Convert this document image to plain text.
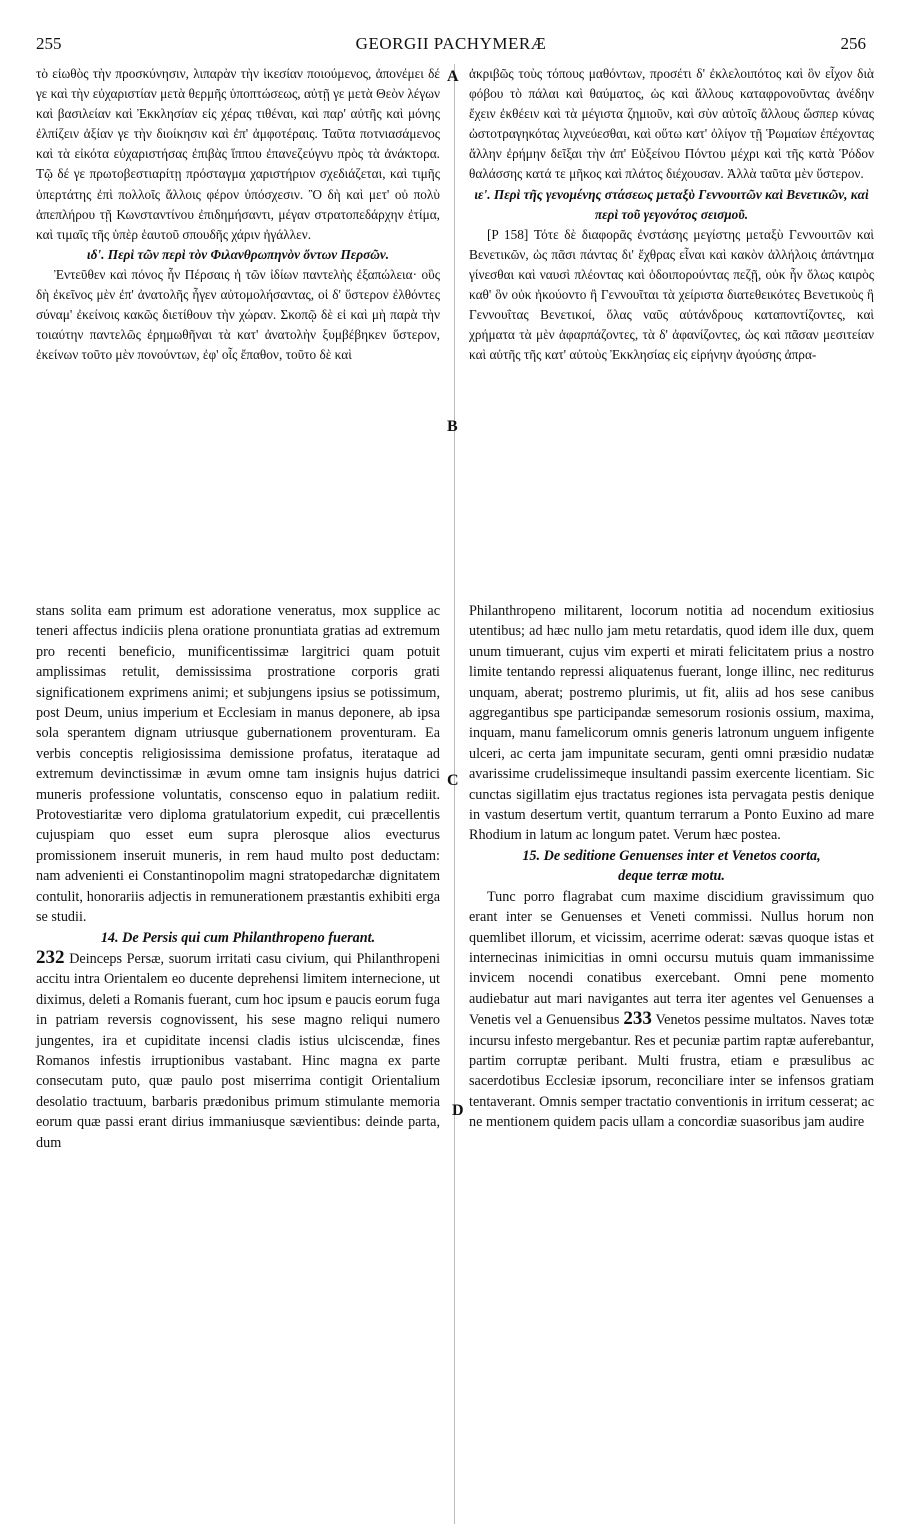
255	GEORGII PACHYMERÆ	256

τὸ εἰωθὸς τὴν προσκύνησιν, λιπαρὰν τὴν ἱκεσίαν ποιούμενος, ἀπονέμει δέ γε καὶ τὴν εὐχαριστίαν μετὰ θερμῆς ὑποπτώσεως, αὐτῇ γε μετὰ Θεὸν λέγων καὶ βασιλείαν καὶ Ἐκκλησίαν εἰς χέρας τιθέναι, καὶ παρ' αὐτῆς καὶ μόνης ἐλπίζειν ἀξίαν γε τὴν διοίκησιν καὶ ἐπ' ἀμφοτέραις. Ταῦτα ποτνιασάμενος καὶ τὰ εἰκότα εὐχαριστήσας ἐπιβὰς ἵππου ἐπανεζεύγνυ πρὸς τὰ ἀνάκτορα. Τῷ δέ γε πρωτοβεστιαρίτῃ πρόσταγμα χαριστήριον σχεδιάζεται, καὶ τιμῆς ὑπερτάτης ἐπὶ πολλοῖς ἄλλοις φέρον ὑπόσχεσιν. Ὃ δὴ καὶ μετ' οὐ πολὺ ἀπεπλήρου τῇ Κωνσταντίνου ἐπιδημήσαντι, μέγαν στρατοπεδάρχην ἐτίμα, καὶ τιμαῖς τῆς ὑπὲρ ἑαυτοῦ σπουδῆς χάριν ἠγάλλεν.

ιδ'. Περὶ τῶν περὶ τὸν Φιλανθρωπηνὸν ὄντων Περσῶν.

Ἐντεῦθεν καὶ πόνος ἦν Πέρσαις ἡ τῶν ἰδίων παντελὴς ἐξαπώλεια· οὓς δὴ ἐκεῖνος μὲν ἐπ' ἀνατολῆς ἦγεν αὐτομολήσαντας, οἱ δ' ὕστερον ἐλθόντες σύναμ' ἐκείνοις κακῶς διετίθουν τὴν χώραν. Σκοπῷ δὲ εἰ καὶ μὴ παρὰ τὴν τοιαύτην παντελῶς ἐρημωθῆναι τὰ κατ' ἀνατολὴν ξυμβέβηκεν ὕστερον, ἐκείνων τοῦτο μὲν πονούντων, ἐφ' οἷς ἔπαθον, τοῦτο δὲ καὶ

ἀκριβῶς τοὺς τόπους μαθόντων, προσέτι δ' ἐκλελοιπότος καὶ ὃν εἶχον διὰ φόβου τὸ πάλαι καὶ θαύματος, ὡς καὶ ἄλλους καταφρονοῦντας ἀνέδην ἔχειν ἐκθέειν καὶ τὰ μέγιστα ζημιοῦν, καὶ σὺν αὐτοῖς ἄλλους ὥσπερ κύνας ὠστοτραγηκότας λιχνεύεσθαι, καὶ οὕτω κατ' ὀλίγον τῇ Ῥωμαίων ἐπέχοντας ἄλλην ἐρήμην δεῖξαι τὴν ἀπ' Εὐξείνου Πόντου μέχρι καὶ τῆς κατὰ Ῥόδον θαλάσσης κατά τε μῆκος καὶ πλάτος διέχουσαν. Ἀλλὰ ταῦτα μὲν ὕστερον.

ιε'. Περὶ τῆς γενομένης στάσεως μεταξὺ Γεννουιτῶν καὶ Βενετικῶν, καὶ περὶ τοῦ γεγονότος σεισμοῦ.

[P 158] Τότε δὲ διαφορᾶς ἐνστάσης μεγίστης μεταξὺ Γεννουιτῶν καὶ Βενετικῶν, ὡς πᾶσι πάντας δι' ἔχθρας εἶναι καὶ κακὸν ἀλλήλοις ἀπάντημα γίνεσθαι καὶ ναυσὶ πλέοντας καὶ ὁδοιπορούντας πεζῇ, οὐκ ἦν ὅλως καιρὸς καθ' ὃν οὐκ ἠκούοντο ἢ Γεννουῖται τὰ χείριστα διατεθεικότες Βενετικοὺς ἢ Γεννουΐτας Βενετικοί, ὅλας ναῦς αὐτάνδρους καταποντίζοντες, καὶ χρήματα τὰ μὲν ἀφαρπάζοντες, τὰ δ' ἀφανίζοντες, ὡς καὶ πᾶσαν μεσιτείαν καὶ αὐτῆς τῆς κατ' αὐτοὺς Ἐκκλησίας εἰς εἰρήνην ἀγούσης ἀπρα-

stans solita eam primum est adoratione veneratus, mox supplice ac teneri affectus indiciis plena oratione pronuntiata gratias ad extremum pro recenti beneficio, munificentissimæ largitrici quam potuit amplissimas retulit, demississima prostratione corporis grati significationem exprimens animi; et subjungens ipsius se potissimum, post Deum, unius imperium et Ecclesiam in manus deponere, ab ipsa sola sperantem dignam utriusque gubernationem proventuram. Ea verbis conceptis religiosissima demissione profatus, iterataque ad extremum devinctissimæ in ævum omne tam insignis hujus datrici muneris professione voluntatis, conscenso equo in palatium rediit. Protovestiaritæ vero diploma gratulatorium expedit, cui præcellentis cujuspiam quo esset eum supra plerosque alios evecturus promissionem inseruit muneris, in rem haud multo post deductam: nam advenienti ei Constantinopolim magni stratopedarchæ dignitatem contulit, honorariis adjectis in remunerationem præstantis exhibiti erga se studii.

14. De Persis qui cum Philanthropeno fuerant.

232 Deinceps Persæ, suorum irritati casu civium, qui Philanthropeni accitu intra Orientalem eo ducente deprehensi limitem internecione, ut diximus, deleti a Romanis fuerant, cum hoc ipsum e paucis eorum fuga in patriam reversis cognovissent, his sese magno reliqui numero jungentes, ira et cupiditate incensi cladis istius ulciscendæ, fines Romanos infestis irruptionibus vastabant. Hinc magna ex parte consecutam puto, quæ paulo post miserrima contigit Orientalium desolatio tractuum, barbaris prædonibus primum stimulante memoria eorum quæ passi erant dirius immaniusque sævientibus: deinde parta, dum

Philanthropeno militarent, locorum notitia ad nocendum exitiosius utentibus; ad hæc nullo jam metu retardatis, quod idem ille dux, quem unum timuerant, cujus vim experti et mirati felicitatem prius a nostro limite tentando repressi aliquatenus fuerant, longe illinc, nec rediturus unquam, aberat; postremo plurimis, ut fit, aliis ad hos sese canibus aggregantibus spe participandæ semesorum rosionis ossium, maxima, inquam, manu famelicorum omnis generis latronum unguem infigente ulceri, ac certa jam impunitate securam, genti omni præsidio nudatæ avarissime crudelissimeque insultandi passim exercente licentiam. Sic cunctas sigillatim ejus tractatus regiones ista pervagata pestis denique in vastum desertum vertit, quantum terrarum a Ponto Euxino ad mare Rhodium in latum ac longum patet. Verum hæc postea.

15. De seditione Genuenses inter et Venetos coorta,
deque terræ motu.

Tunc porro flagrabat cum maxime discidium gravissimum quo erant inter se Genuenses et Veneti commissi. Nullus horum non quemlibet illorum, et vicissim, acerrime oderat: sævas quoque istas et internecinas inimicitias in omni occursu mutuis quam immanissime invicem nocendi conatibus exercebant. Omni pene momento audiebatur aut mari navigantes aut terra iter agentes vel Genuenses a Venetis vel a Genuensibus 233 Venetos pessime multatos. Naves totæ incursu infesto mergebantur. Res et pecuniæ partim raptæ auferebantur, partim corruptæ peribant. Multi frustra, etiam e præsulibus ac sacerdotibus Ecclesiæ ipsorum, reconciliare inter se infensos gratiam tentaverant. Omnis semper tractatio conventionis in irritum cesserat; ac ne mentionem quidem pacis ullam a concordiæ suasoribus jam audire

A
B
C
D
